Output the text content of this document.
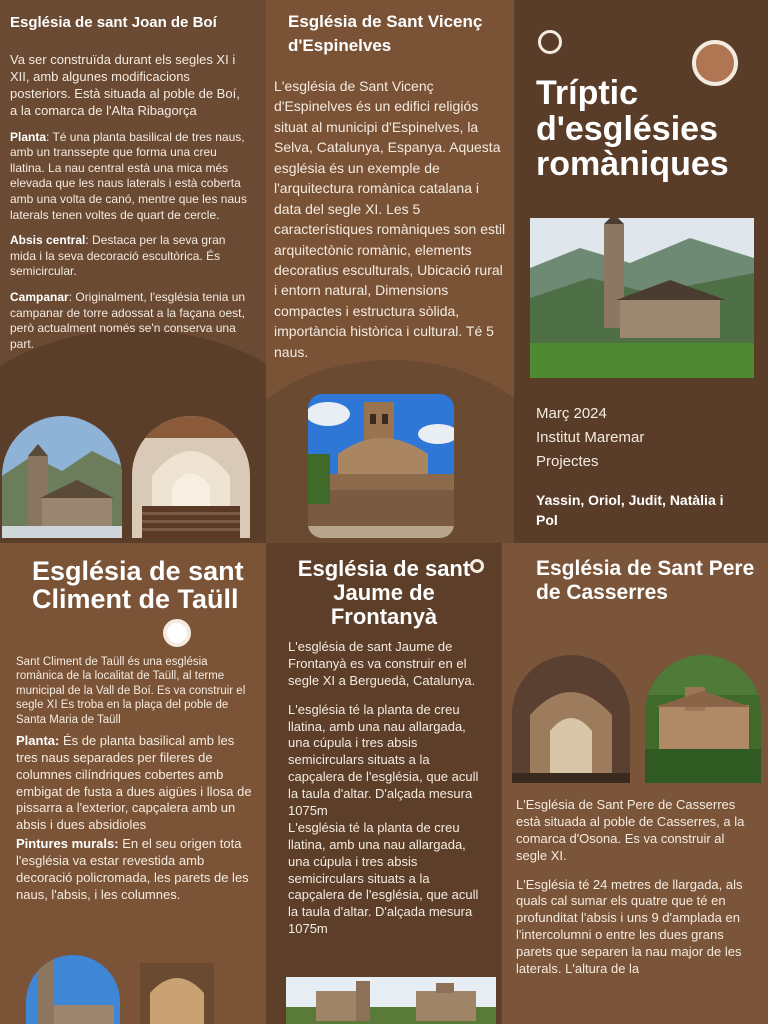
Església de sant Joan de Boí

Va ser construïda durant els segles XI i XII, amb algunes modificacions posteriors. Està situada al poble de Boí, a la comarca de l'Alta Ribagorça

Planta: Té una planta basilical de tres naus, amb un transsepte que forma una creu llatina. La nau central està una mica més elevada que les naus laterals i està coberta amb una volta de canó, mentre que les naus laterals tenen voltes de quart de cercle.

Absis central: Destaca per la seva gran mida i la seva decoració escultòrica. És semicircular.

Campanar: Originalment, l'església tenia un campanar de torre adossat a la façana oest, però actualment només se'n conserva una part.

Església de Sant Vicenç d'Espinelves

L'església de Sant Vicenç d'Espinelves és un edifici religiós situat al municipi d'Espinelves, la Selva, Catalunya, Espanya. Aquesta església és un exemple de l'arquitectura romànica catalana i data del segle XI. Les 5 característiques romàniques son estil arquitectònic romànic, elements decoratius esculturals, Ubicació rural i entorn natural, Dimensions compactes i estructura sòlida, importància històrica i cultural. Té 5 naus.

Tríptic d'esglésies romàniques
Març 2024
Institut Maremar
Projectes
Yassin, Oriol, Judit, Natàlia i Pol
Església de sant Climent de Taüll

Sant Climent de Taüll és una església romànica de la localitat de Taüll, al terme municipal de la Vall de Boí. Es va construir el segle XI Es troba en la plaça del poble de Santa Maria de Taüll

Planta: És de planta basilical amb les tres naus separades per fileres de columnes cilíndriques cobertes amb embigat de fusta a dues aigües i llosa de pissarra a l'exterior, capçalera amb un absis i dues absidioles

Pintures murals: En el seu origen tota l'església va estar revestida amb decoració policromada, les parets de les naus, l'absis, i les columnes.

Església de sant Jaume de Frontanyà

L'església de sant Jaume de Frontanyà es va construir en el segle XI a Berguedà, Catalunya.

L'església té la planta de creu llatina, amb una nau allargada, una cúpula i tres absis semicirculars situats a la capçalera de l'església, que acull la taula d'altar. D'alçada mesura 1075m

L'església té la planta de creu llatina, amb una nau allargada, una cúpula i tres absis semicirculars situats a la capçalera de l'església, que acull la taula d'altar. D'alçada mesura 1075m

Església de Sant Pere de Casserres

L'Església de Sant Pere de Casserres està situada al poble de Casserres, a la comarca d'Osona. Es va construir al segle XI.

L'Església té 24 metres de llargada, als quals cal sumar els quatre que té en profunditat l'absis i uns 9 d'amplada en l'intercolumni o entre les dues grans parets que separen la nau major de les laterals. L'altura de la
